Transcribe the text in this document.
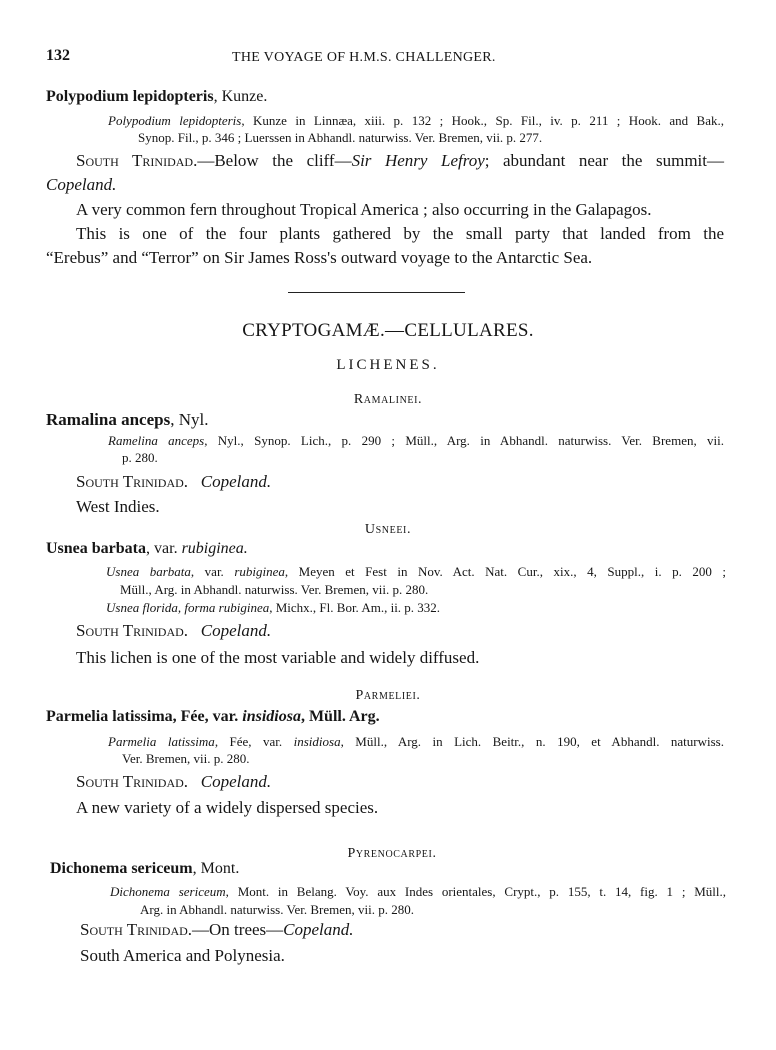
132	THE VOYAGE OF H.M.S. CHALLENGER.
Polypodium lepidopteris, Kunze.
Polypodium lepidopteris, Kunze in Linnæa, xiii. p. 132 ; Hook., Sp. Fil., iv. p. 211 ; Hook. and Bak.,
Synop. Fil., p. 346 ; Luerssen in Abhandl. naturwiss. Ver. Bremen, vii. p. 277.
South Trinidad.—Below the cliff—Sir Henry Lefroy; abundant near the summit—
Copeland.
A very common fern throughout Tropical America ; also occurring in the Galapagos.
This is one of the four plants gathered by the small party that landed from the
“Erebus” and “Terror” on Sir James Ross's outward voyage to the Antarctic Sea.
CRYPTOGAMÆ.—CELLULARES.
LICHENES.
Ramalinei.
Ramalina anceps, Nyl.
Ramelina anceps, Nyl., Synop. Lich., p. 290 ; Müll., Arg. in Abhandl. naturwiss. Ver. Bremen, vii.
p. 280.
South Trinidad. Copeland.
West Indies.
Usneei.
Usnea barbata, var. rubiginea.
Usnea barbata, var. rubiginea, Meyen et Fest in Nov. Act. Nat. Cur., xix., 4, Suppl., i. p. 200 ;
Müll., Arg. in Abhandl. naturwiss. Ver. Bremen, vii. p. 280.
Usnea florida, forma rubiginea, Michx., Fl. Bor. Am., ii. p. 332.
South Trinidad. Copeland.
This lichen is one of the most variable and widely diffused.
Parmeliei.
Parmelia latissima, Fée, var. insidiosa, Müll. Arg.
Parmelia latissima, Fée, var. insidiosa, Müll., Arg. in Lich. Beitr., n. 190, et Abhandl. naturwiss.
Ver. Bremen, vii. p. 280.
South Trinidad. Copeland.
A new variety of a widely dispersed species.
Pyrenocarpei.
Dichonema sericeum, Mont.
Dichonema sericeum, Mont. in Belang. Voy. aux Indes orientales, Crypt., p. 155, t. 14, fig. 1 ; Müll.,
Arg. in Abhandl. naturwiss. Ver. Bremen, vii. p. 280.
South Trinidad.—On trees—Copeland.
South America and Polynesia.
